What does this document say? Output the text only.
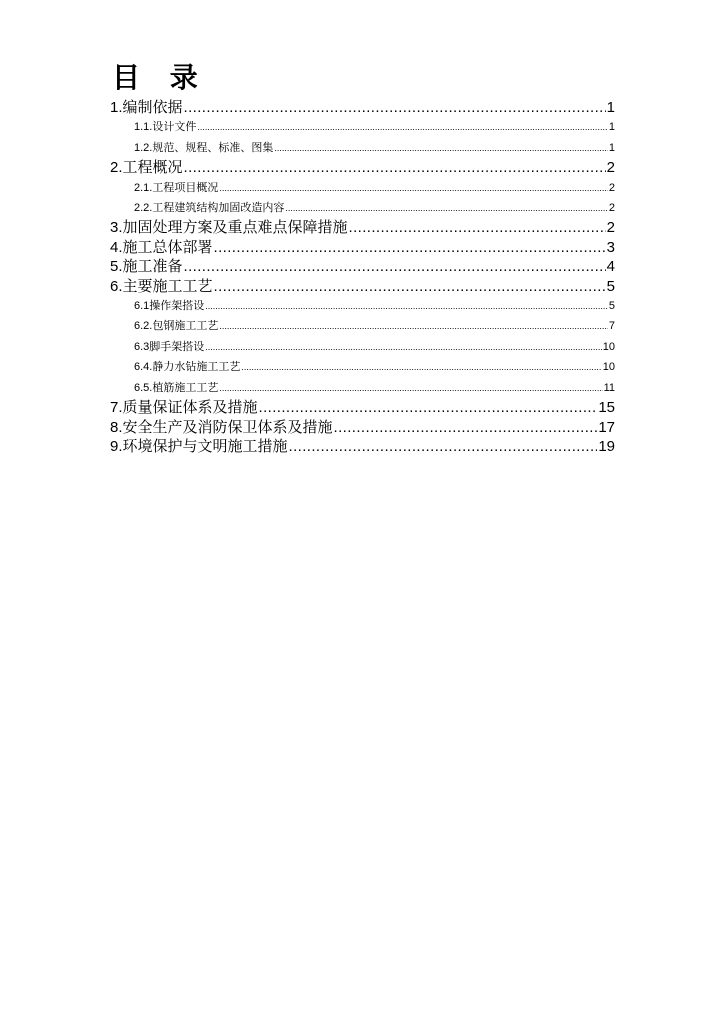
目 录
1. 编制依据 .....	1
1.1. 设计文件 .....	1
1.2. 规范、规程、标准、图集 .....	1
2. 工程概况 .....	2
2.1. 工程项目概况 .....	2
2.2. 工程建筑结构加固改造内容 .....	2
3. 加固处理方案及重点难点保障措施 .....	2
4. 施工总体部署 .....	3
5. 施工准备 .....	4
6. 主要施工工艺 .....	5
6.1 操作架搭设 .....	5
6.2. 包钢施工工艺 .....	7
6.3 脚手架搭设 .....	10
6.4. 静力水钻施工工艺 .....	10
6.5. 植筋施工工艺 .....	11
7. 质量保证体系及措施 .....	15
8. 安全生产及消防保卫体系及措施 .....	17
9. 环境保护与文明施工措施 .....	19
